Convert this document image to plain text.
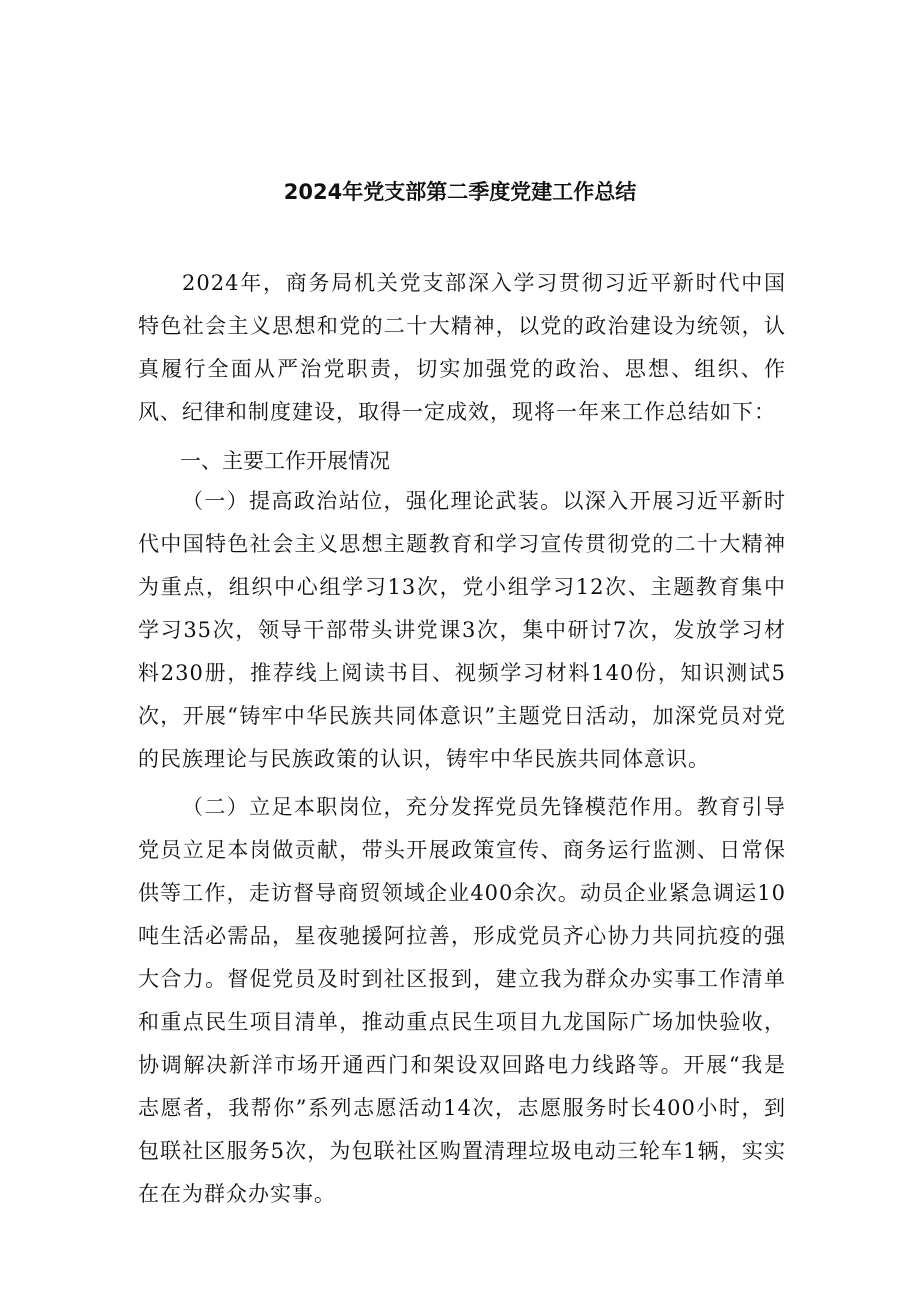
2024年党支部第二季度党建工作总结

2024年，商务局机关党支部深入学习贯彻习近平新时代中国特色社会主义思想和党的二十大精神，以党的政治建设为统领，认真履行全面从严治党职责，切实加强党的政治、思想、组织、作风、纪律和制度建设，取得一定成效，现将一年来工作总结如下：

一、主要工作开展情况

（一）提高政治站位，强化理论武装。以深入开展习近平新时代中国特色社会主义思想主题教育和学习宣传贯彻党的二十大精神为重点，组织中心组学习13次，党小组学习12次、主题教育集中学习35次，领导干部带头讲党课3次，集中研讨7次，发放学习材料230册，推荐线上阅读书目、视频学习材料140份，知识测试5次，开展“铸牢中华民族共同体意识”主题党日活动，加深党员对党的民族理论与民族政策的认识，铸牢中华民族共同体意识。

（二）立足本职岗位，充分发挥党员先锋模范作用。教育引导党员立足本岗做贡献，带头开展政策宣传、商务运行监测、日常保供等工作，走访督导商贸领域企业400余次。动员企业紧急调运10吨生活必需品，星夜驰援阿拉善，形成党员齐心协力共同抗疫的强大合力。督促党员及时到社区报到，建立我为群众办实事工作清单和重点民生项目清单，推动重点民生项目九龙国际广场加快验收，协调解决新洋市场开通西门和架设双回路电力线路等。开展“我是志愿者，我帮你”系列志愿活动14次，志愿服务时长400小时，到包联社区服务5次，为包联社区购置清理垃圾电动三轮车1辆，实实在在为群众办实事。
